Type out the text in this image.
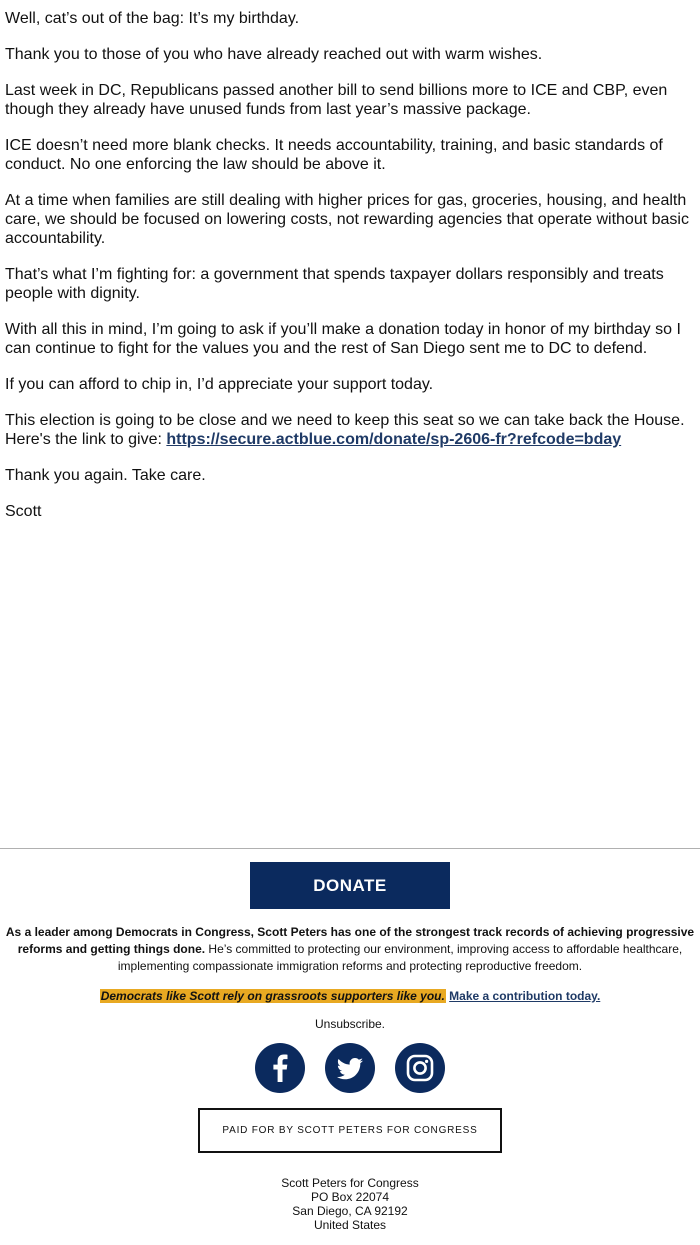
Well, cat’s out of the bag: It’s my birthday.

Thank you to those of you who have already reached out with warm wishes.

Last week in DC, Republicans passed another bill to send billions more to ICE and CBP, even though they already have unused funds from last year’s massive package.

ICE doesn’t need more blank checks. It needs accountability, training, and basic standards of conduct. No one enforcing the law should be above it.

At a time when families are still dealing with higher prices for gas, groceries, housing, and health care, we should be focused on lowering costs, not rewarding agencies that operate without basic accountability.

That’s what I’m fighting for: a government that spends taxpayer dollars responsibly and treats people with dignity.

With all this in mind, I’m going to ask if you’ll make a donation today in honor of my birthday so I can continue to fight for the values you and the rest of San Diego sent me to DC to defend.

If you can afford to chip in, I’d appreciate your support today.

This election is going to be close and we need to keep this seat so we can take back the House. Here's the link to give: https://secure.actblue.com/donate/sp-2606-fr?refcode=bday

Thank you again. Take care.

Scott

DONATE
As a leader among Democrats in Congress, Scott Peters has one of the strongest track records of achieving progressive reforms and getting things done. He’s committed to protecting our environment, improving access to affordable healthcare, implementing compassionate immigration reforms and protecting reproductive freedom.
Democrats like Scott rely on grassroots supporters like you. Make a contribution today.
Unsubscribe.
PAID FOR BY SCOTT PETERS FOR CONGRESS
Scott Peters for Congress
PO Box 22074
San Diego, CA 92192
United States
